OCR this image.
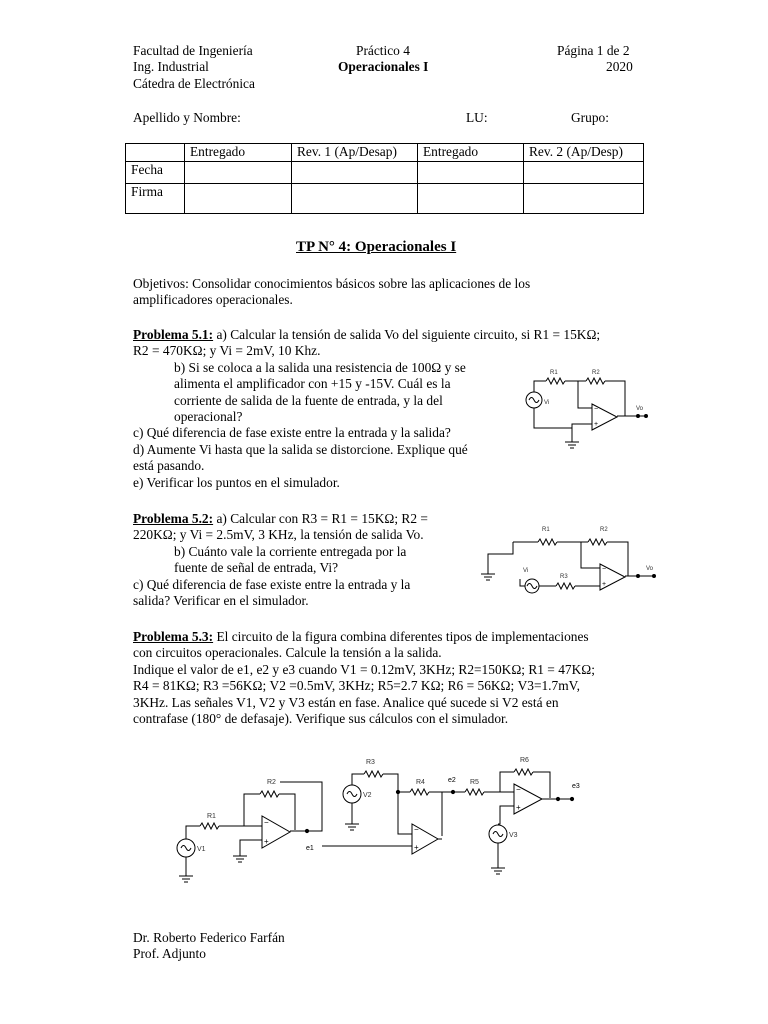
Facultad de Ingeniería
Ing. Industrial
Cátedra de Electrónica
Práctico 4
Operacionales I
Página 1 de 2
2020
Apellido y Nombre:	LU:	Grupo:
	Entregado	Rev. 1 (Ap/Desap)	Entregado	Rev. 2 (Ap/Desp)
Fecha				
Firma				
TP N° 4: Operacionales I

Objetivos: Consolidar conocimientos básicos sobre las aplicaciones de los

amplificadores operacionales.

Problema 5.1: a) Calcular la tensión de salida Vo del siguiente circuito, si R1 = 15KΩ;

R2 = 470KΩ; y Vi = 2mV, 10 Khz.

b) Si se coloca a la salida una resistencia de 100Ω y se

alimenta el amplificador con +15 y -15V. Cuál es la

corriente de salida de la fuente de entrada, y la del

operacional?

c) Qué diferencia de fase existe entre la entrada y la salida?

d) Aumente Vi hasta que la salida se distorcione. Explique qué

está pasando.

e) Verificar los puntos en el simulador.

Problema 5.2: a) Calcular con R3 = R1 = 15KΩ; R2 =

220KΩ; y Vi = 2.5mV, 3 KHz, la tensión de salida Vo.

b) Cuánto vale la corriente entregada por la

fuente de señal de entrada, Vi?

c) Qué diferencia de fase existe entre la entrada y la

salida? Verificar en el simulador.

Problema 5.3: El circuito de la figura combina diferentes tipos de implementaciones

con circuitos operacionales. Calcule la tensión a la salida.

Indique el valor de e1, e2 y e3 cuando V1 = 0.12mV, 3KHz; R2=150KΩ; R1 = 47KΩ;

R4 = 81KΩ; R3 =56KΩ; V2 =0.5mV, 3KHz; R5=2.7 KΩ; R6 = 56KΩ; V3=1.7mV,

3KHz. Las señales V1, V2 y V3 están en fase. Analice qué sucede si V2 está en

contrafase (180° de defasaje). Verifique sus cálculos con el simulador.

Vi
R1	R2
−
+
Vo
R1	R2
−
+
Vo
Vi
R3
V1
R1
R2
−
+
e1
V2
R3
R4
−
+
e2 R5
R6
−
+
e3
V3
Dr. Roberto Federico Farfán
Prof. Adjunto
